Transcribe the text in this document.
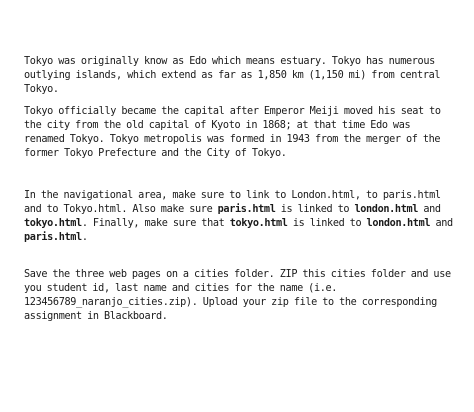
Tokyo was originally know as Edo which means estuary. Tokyo has numerous outlying islands, which extend as far as 1,850 km (1,150 mi) from central Tokyo.

Tokyo officially became the capital after Emperor Meiji moved his seat to the city from the old capital of Kyoto in 1868; at that time Edo was renamed Tokyo. Tokyo metropolis was formed in 1943 from the merger of the former Tokyo Prefecture and the City of Tokyo.

In the navigational area, make sure to link to London.html, to paris.html and to Tokyo.html. Also make sure paris.html is linked to london.html and tokyo.html. Finally, make sure that tokyo.html is linked to london.html and paris.html.

Save the three web pages on a cities folder. ZIP this cities folder and use you student id, last name and cities for the name (i.e. 123456789_naranjo_cities.zip). Upload your zip file to the corresponding assignment in Blackboard.
